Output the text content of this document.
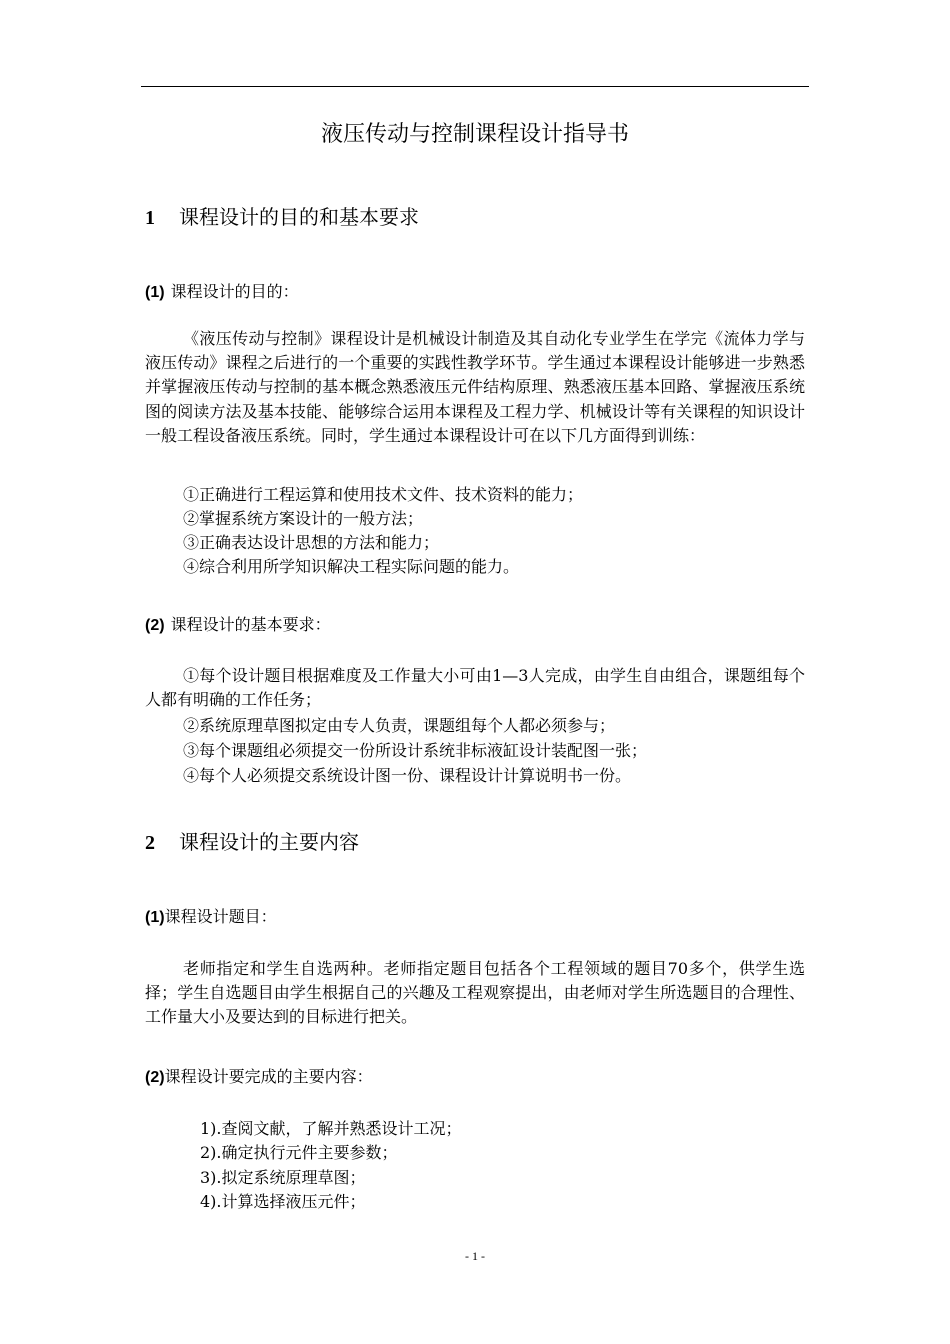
液压传动与控制课程设计指导书
1 课程设计的目的和基本要求
(1) 课程设计的目的：
《液压传动与控制》课程设计是机械设计制造及其自动化专业学生在学完《流体力学与液压传动》课程之后进行的一个重要的实践性教学环节。学生通过本课程设计能够进一步熟悉并掌握液压传动与控制的基本概念熟悉液压元件结构原理、熟悉液压基本回路、掌握液压系统图的阅读方法及基本技能、能够综合运用本课程及工程力学、机械设计等有关课程的知识设计一般工程设备液压系统。同时，学生通过本课程设计可在以下几方面得到训练：
①正确进行工程运算和使用技术文件、技术资料的能力；
②掌握系统方案设计的一般方法；
③正确表达设计思想的方法和能力；
④综合利用所学知识解决工程实际问题的能力。
(2) 课程设计的基本要求：
①每个设计题目根据难度及工作量大小可由1—3人完成，由学生自由组合，课题组每个人都有明确的工作任务；
②系统原理草图拟定由专人负责，课题组每个人都必须参与；
③每个课题组必须提交一份所设计系统非标液缸设计装配图一张；
④每个人必须提交系统设计图一份、课程设计计算说明书一份。
2 课程设计的主要内容
(1)课程设计题目：
老师指定和学生自选两种。老师指定题目包括各个工程领域的题目70多个，供学生选择；学生自选题目由学生根据自己的兴趣及工程观察提出，由老师对学生所选题目的合理性、工作量大小及要达到的目标进行把关。
(2)课程设计要完成的主要内容：
1).查阅文献，了解并熟悉设计工况；
2).确定执行元件主要参数；
3).拟定系统原理草图；
4).计算选择液压元件；
- 1 -
